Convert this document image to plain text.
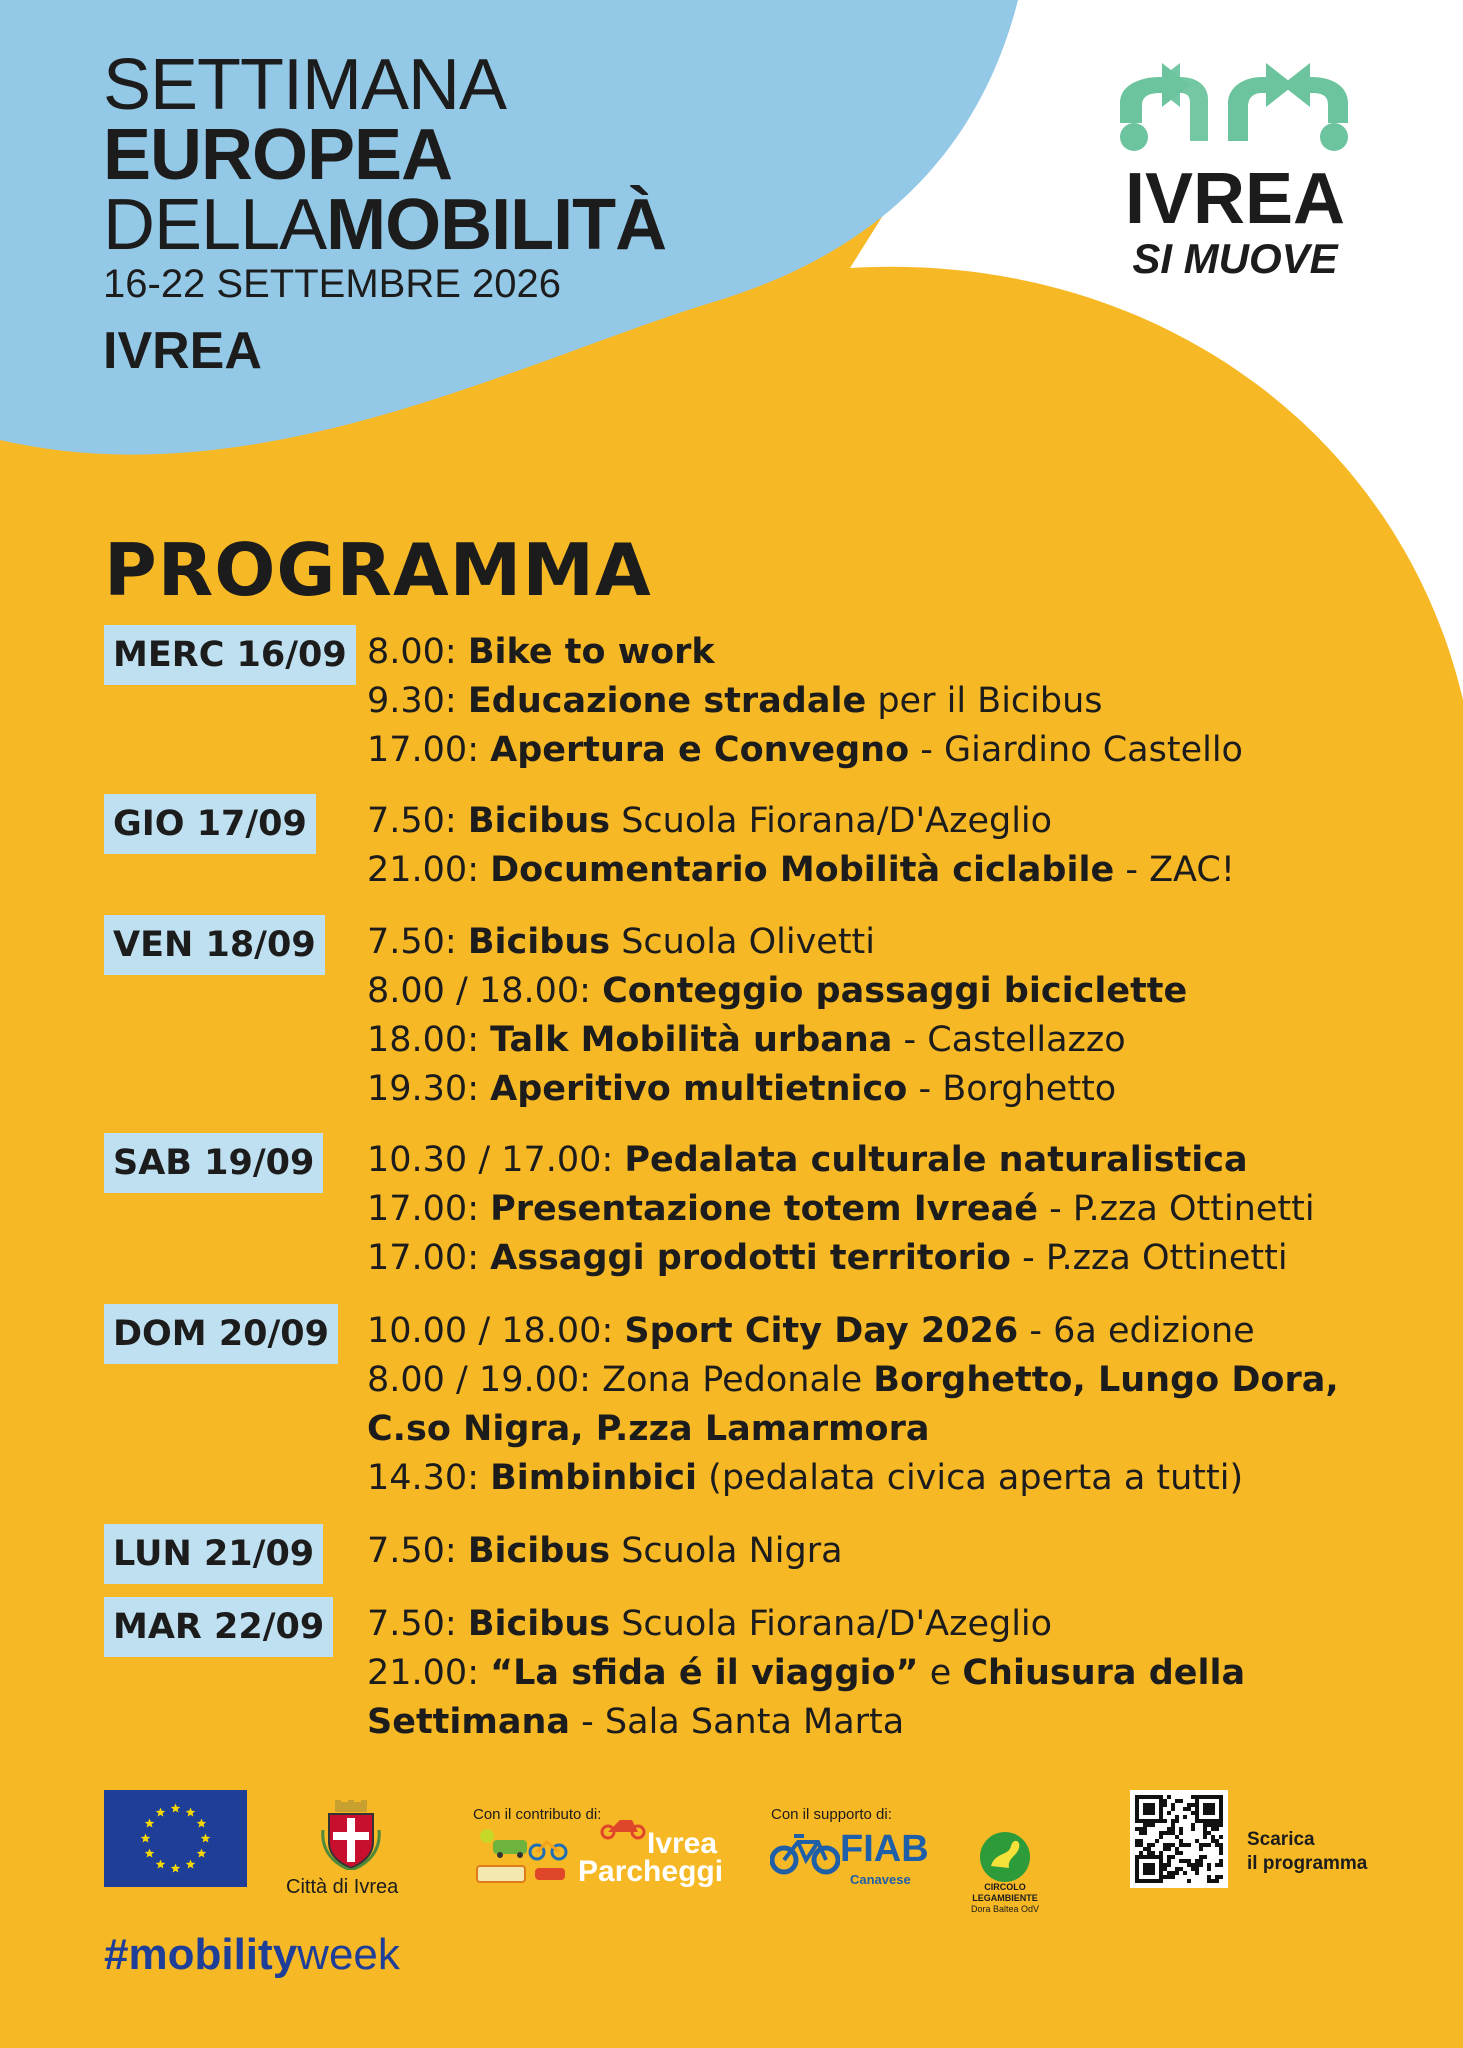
SETTIMANA
EUROPEA
DELLAMOBILITÀ
16-22 SETTEMBRE 2026
IVREA
IVREA
SI MUOVE
PROGRAMMA
MERC 16/09 8.00: Bike to work
9.30: Educazione stradale per il Bicibus
17.00: Apertura e Convegno - Giardino Castello
GIO 17/09 7.50: Bicibus Scuola Fiorana/D'Azeglio
21.00: Documentario Mobilità ciclabile - ZAC!
VEN 18/09 7.50: Bicibus Scuola Olivetti
8.00 / 18.00: Conteggio passaggi biciclette
18.00: Talk Mobilità urbana - Castellazzo
19.30: Aperitivo multietnico - Borghetto
SAB 19/09 10.30 / 17.00: Pedalata culturale naturalistica
17.00: Presentazione totem Ivreaé - P.zza Ottinetti
17.00: Assaggi prodotti territorio - P.zza Ottinetti
DOM 20/09 10.00 / 18.00: Sport City Day 2026 - 6a edizione
8.00 / 19.00: Zona Pedonale Borghetto, Lungo Dora,
C.so Nigra, P.zza Lamarmora
14.30: Bimbinbici (pedalata civica aperta a tutti)
LUN 21/09 7.50: Bicibus Scuola Nigra
MAR 22/09 7.50: Bicibus Scuola Fiorana/D'Azeglio
21.00: “La sfida é il viaggio” e Chiusura della
Settimana - Sala Santa Marta
Città di Ivrea
Con il contributo di:
Ivrea
Parcheggi
Con il supporto di:
FIAB
Canavese	CIRCOLO LEGAMBIENTE
Dora Baltea OdV
Scarica
il programma
#mobilityweek
